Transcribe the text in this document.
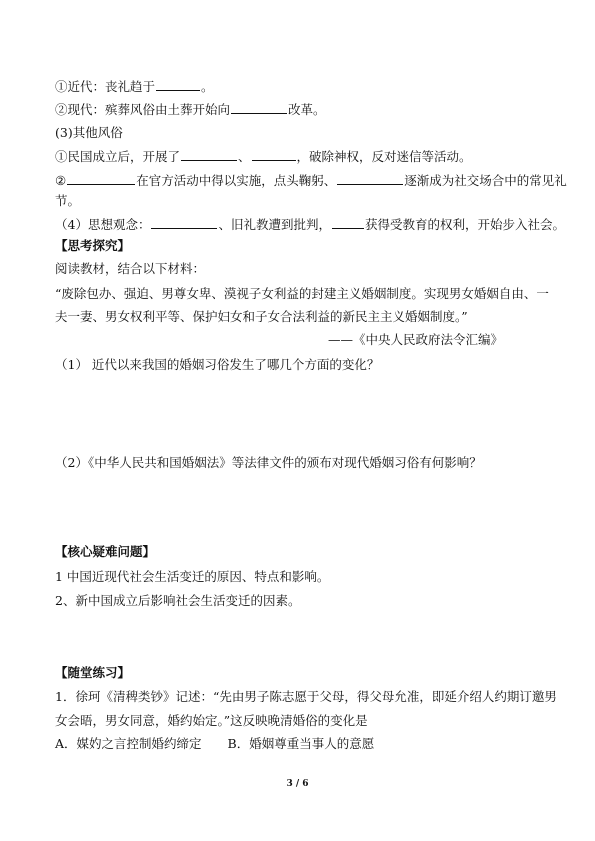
①近代：丧礼趋于	。
②现代：殡葬风俗由土葬开始向	改革。
(3)其他风俗
①民国成立后，开展了	、	，破除神权，反对迷信等活动。
②	在官方活动中得以实施，点头鞠躬、	逐渐成为社交场合中的常见礼
节。
（4）思想观念：	、旧礼教遭到批判，	获得受教育的权利，开始步入社会。
【思考探究】
阅读教材，结合以下材料：
“废除包办、强迫、男尊女卑、漠视子女利益的封建主义婚姻制度。实现男女婚姻自由、一
夫一妻、男女权利平等、保护妇女和子女合法利益的新民主主义婚姻制度。”
——《中央人民政府法令汇编》
（1） 近代以来我国的婚姻习俗发生了哪几个方面的变化？
（2）《中华人民共和国婚姻法》等法律文件的颁布对现代婚姻习俗有何影响？
【核心疑难问题】
1 中国近现代社会生活变迁的原因、特点和影响。
2、新中国成立后影响社会生活变迁的因素。
【随堂练习】
1．徐珂《清稗类钞》记述：“先由男子陈志愿于父母，得父母允准，即延介绍人约期订邀男
女会晤，男女同意，婚约始定。”这反映晚清婚俗的变化是
A．媒妁之言控制婚约缔定 B．婚姻尊重当事人的意愿
3 / 6
